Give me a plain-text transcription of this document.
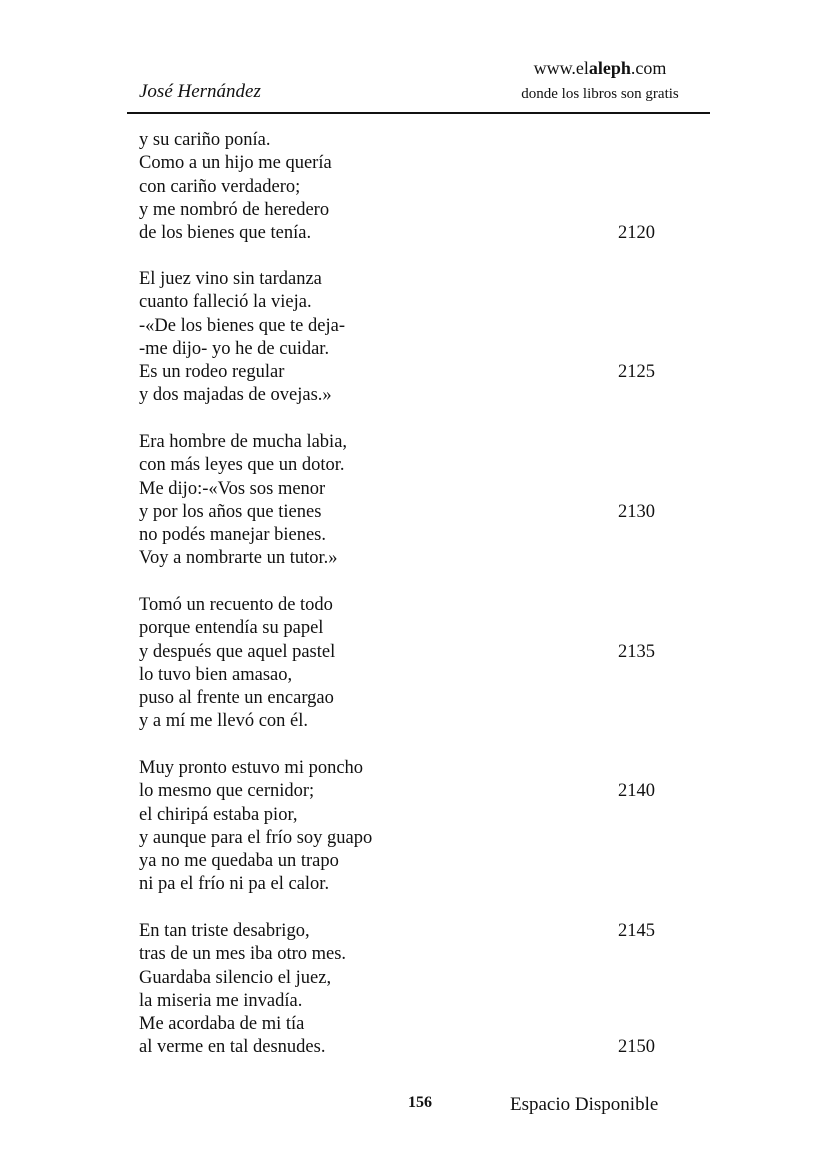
José Hernández
www.elaleph.com
donde los libros son gratis
y su cariño ponía.
Como a un hijo me quería
con cariño verdadero;
y me nombró de heredero
de los bienes que tenía.	2120
El juez vino sin tardanza
cuanto falleció la vieja.
-«De los bienes que te deja-
-me dijo- yo he de cuidar.
Es un rodeo regular	2125
y dos majadas de ovejas.»
Era hombre de mucha labia,
con más leyes que un dotor.
Me dijo:-«Vos sos menor
y por los años que tienes	2130
no podés manejar bienes.
Voy a nombrarte un tutor.»
Tomó un recuento de todo
porque entendía su papel
y después que aquel pastel	2135
lo tuvo bien amasao,
puso al frente un encargao
y a mí me llevó con él.
Muy pronto estuvo mi poncho
lo mesmo que cernidor;	2140
el chiripá estaba pior,
y aunque para el frío soy guapo
ya no me quedaba un trapo
ni pa el frío ni pa el calor.
En tan triste desabrigo,	2145
tras de un mes iba otro mes.
Guardaba silencio el juez,
la miseria me invadía.
Me acordaba de mi tía
al verme en tal desnudes.	2150
156	Espacio Disponible
